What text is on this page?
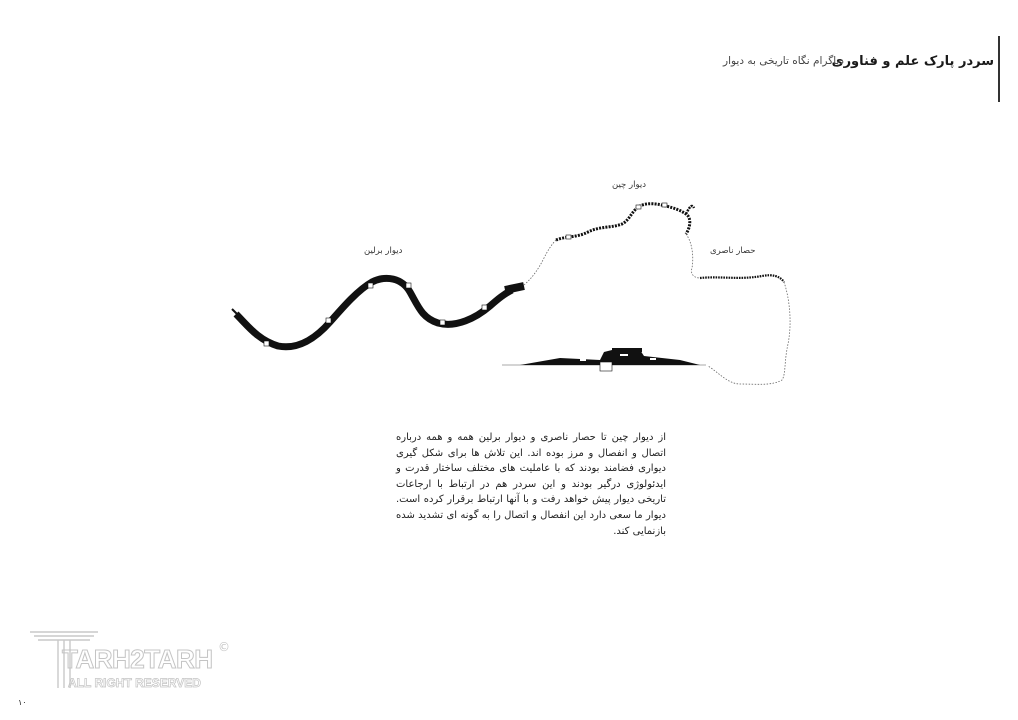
سردر پارک علم و فناوری
دیاگرام نگاه تاریخی به دیوار
دیوار چین
دیوار برلین	حصار ناصری
از دیوار چین تا حصار ناصری و دیوار برلین همه و همه درباره اتصال و انفصال و مرز بوده اند. این تلاش ها برای شکل گیری دیواری فضامند بودند که با عاملیت های مختلف ساختار قدرت و ایدئولوژی درگیر بودند و این سردر هم در ارتباط با ارجاعات تاریخی دیوار پیش خواهد رفت و با آنها ارتباط برقرار کرده است. دیوار ما سعی دارد این انفصال و اتصال را به گونه ای تشدید شده بازنمایی کند.
TARH2TARH
ALL RIGHT RESERVED
©
۱۰
